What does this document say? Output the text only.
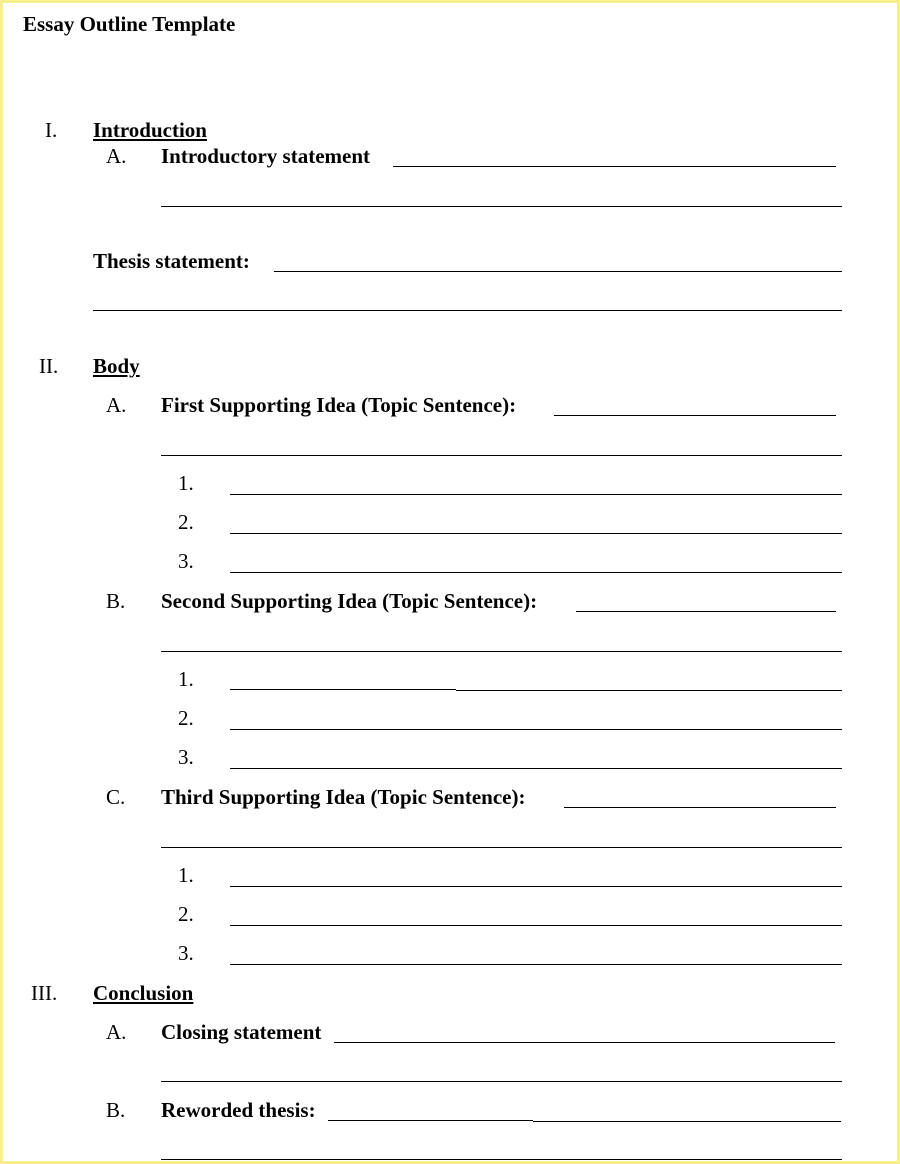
Essay Outline Template
I. Introduction
A. Introductory statement
Thesis statement:
II. Body
A. First Supporting Idea (Topic Sentence):
1.
2.
3.
B. Second Supporting Idea (Topic Sentence):
1.
2.
3.
C. Third Supporting Idea (Topic Sentence):
1.
2.
3.
III. Conclusion
A. Closing statement
B. Reworded thesis:
